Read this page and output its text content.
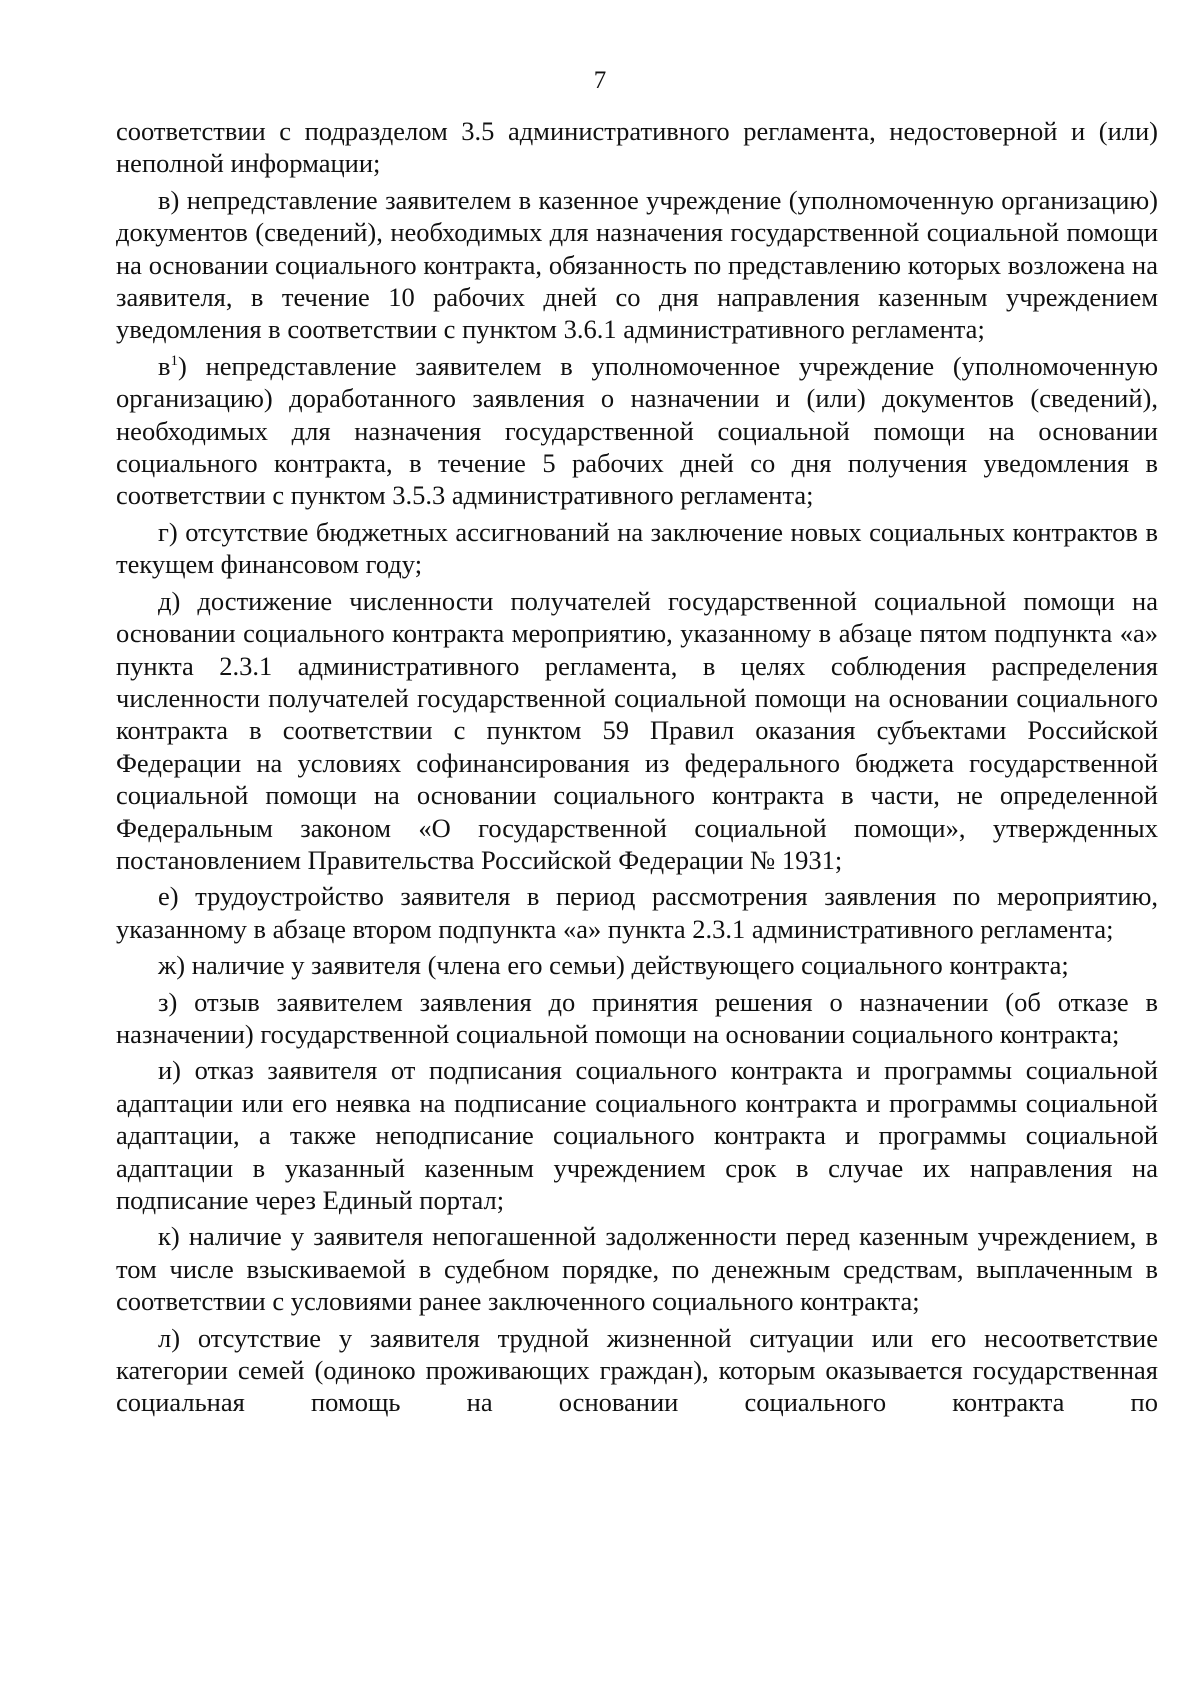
7

соответствии с подразделом 3.5 административного регламента, недостоверной и (или) неполной информации;

в) непредставление заявителем в казенное учреждение (уполномоченную организацию) документов (сведений), необходимых для назначения государственной социальной помощи на основании социального контракта, обязанность по представлению которых возложена на заявителя, в течение 10 рабочих дней со дня направления казенным учреждением уведомления в соответствии с пунктом 3.6.1 административного регламента;

$в^1$) непредставление заявителем в уполномоченное учреждение (уполномоченную организацию) доработанного заявления о назначении и (или) документов (сведений), необходимых для назначения государственной социальной помощи на основании социального контракта, в течение 5 рабочих дней со дня получения уведомления в соответствии с пунктом 3.5.3 административного регламента;

г) отсутствие бюджетных ассигнований на заключение новых социальных контрактов в текущем финансовом году;

д) достижение численности получателей государственной социальной помощи на основании социального контракта мероприятию, указанному в абзаце пятом подпункта «а» пункта 2.3.1 административного регламента, в целях соблюдения распределения численности получателей государственной социальной помощи на основании социального контракта в соответствии с пунктом 59 Правил оказания субъектами Российской Федерации на условиях софинансирования из федерального бюджета государственной социальной помощи на основании социального контракта в части, не определенной Федеральным законом «О государственной социальной помощи», утвержденных постановлением Правительства Российской Федерации № 1931;

е) трудоустройство заявителя в период рассмотрения заявления по мероприятию, указанному в абзаце втором подпункта «а» пункта 2.3.1 административного регламента;

ж) наличие у заявителя (члена его семьи) действующего социального контракта;

з) отзыв заявителем заявления до принятия решения о назначении (об отказе в назначении) государственной социальной помощи на основании социального контракта;

и) отказ заявителя от подписания социального контракта и программы социальной адаптации или его неявка на подписание социального контракта и программы социальной адаптации, а также неподписание социального контракта и программы социальной адаптации в указанный казенным учреждением срок в случае их направления на подписание через Единый портал;

к) наличие у заявителя непогашенной задолженности перед казенным учреждением, в том числе взыскиваемой в судебном порядке, по денежным средствам, выплаченным в соответствии с условиями ранее заключенного социального контракта;

л) отсутствие у заявителя трудной жизненной ситуации или его несоответствие категории семей (одиноко проживающих граждан), которым оказывается государственная социальная помощь на основании социального контракта по
